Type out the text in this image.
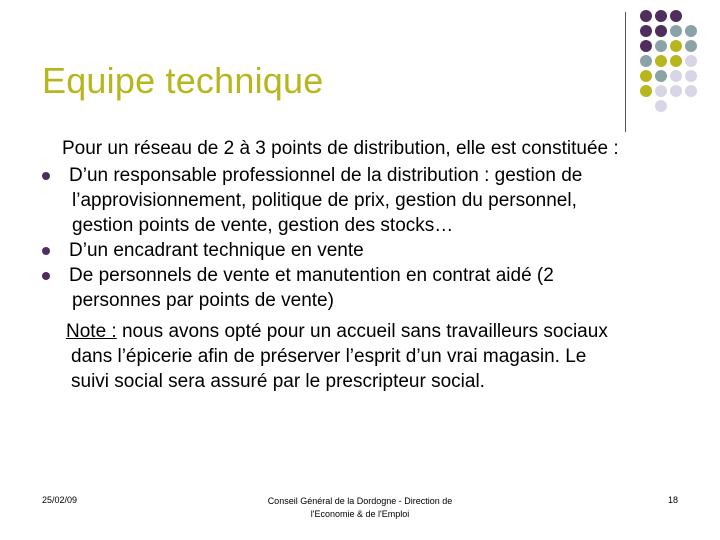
Equipe technique
Pour un réseau de 2 à 3 points de distribution, elle est constituée :
D’un responsable professionnel de la distribution : gestion de
l’approvisionnement, politique de prix, gestion du personnel,
gestion points de vente, gestion des stocks…
D’un encadrant technique en vente
De personnels de vente et manutention en contrat aidé (2
personnes par points de vente)
Note : nous avons opté pour un accueil sans travailleurs sociaux
dans l’épicerie afin de préserver l’esprit d’un vrai magasin. Le
suivi social sera assuré par le prescripteur social.
25/02/09	Conseil Général de la Dordogne - Direction de
l'Economie & de l'Emploi
18
